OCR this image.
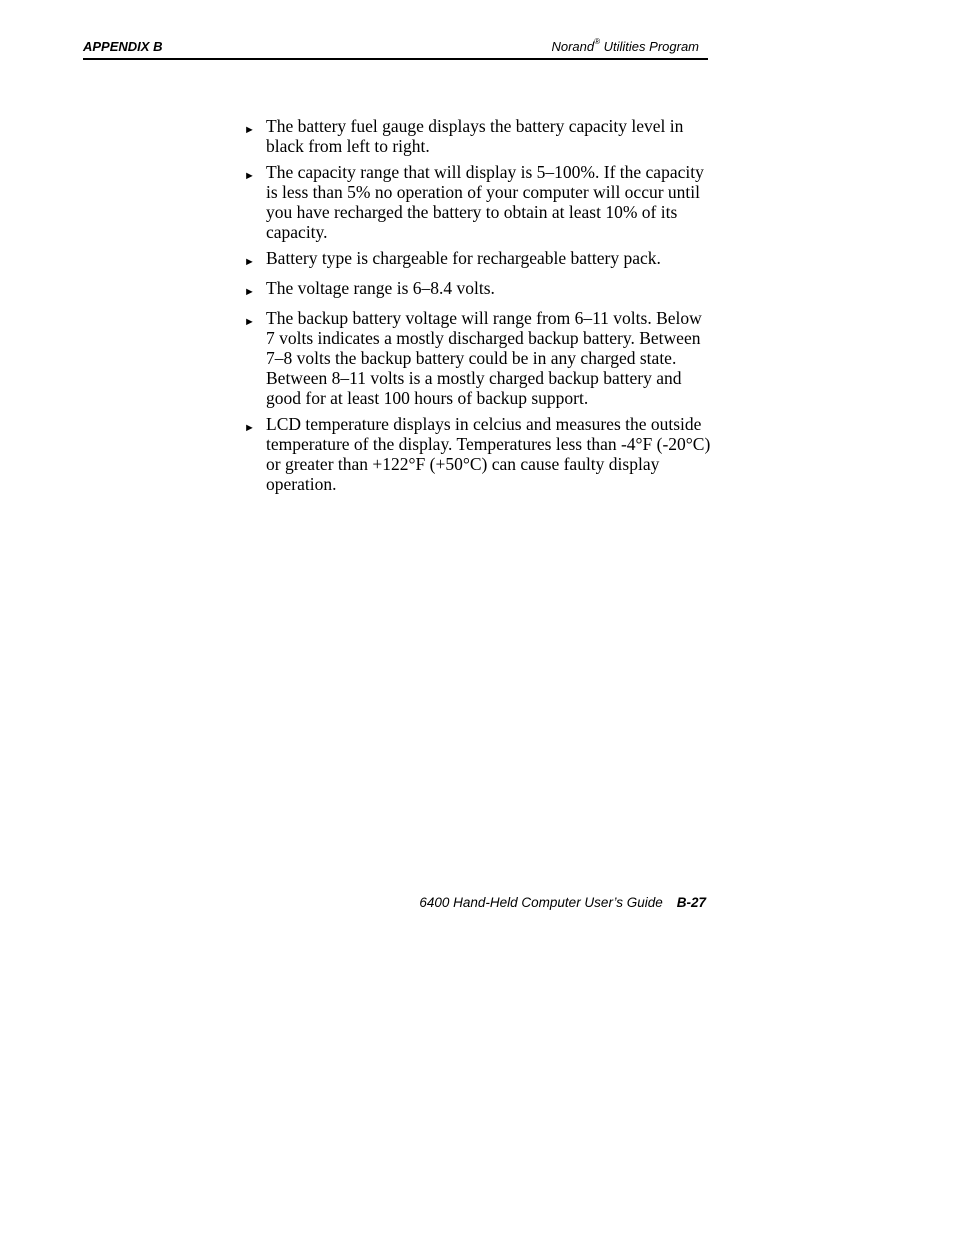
APPENDIX B	Norand® Utilities Program
► The battery fuel gauge displays the battery capacity level in black from left to right.
► The capacity range that will display is 5–100%. If the capacity is less than 5% no operation of your computer will occur until you have recharged the battery to obtain at least 10% of its capacity.
► Battery type is chargeable for rechargeable battery pack.
► The voltage range is 6–8.4 volts.
► The backup battery voltage will range from 6–11 volts. Below 7 volts indicates a mostly discharged backup battery. Between 7–8 volts the backup battery could be in any charged state. Between 8–11 volts is a mostly charged backup battery and good for at least 100 hours of backup support.
► LCD temperature displays in celcius and measures the outside temperature of the display. Temperatures less than -4°F (-20°C) or greater than +122°F (+50°C) can cause faulty display operation.
6400 Hand-Held Computer User’s Guide B-27
